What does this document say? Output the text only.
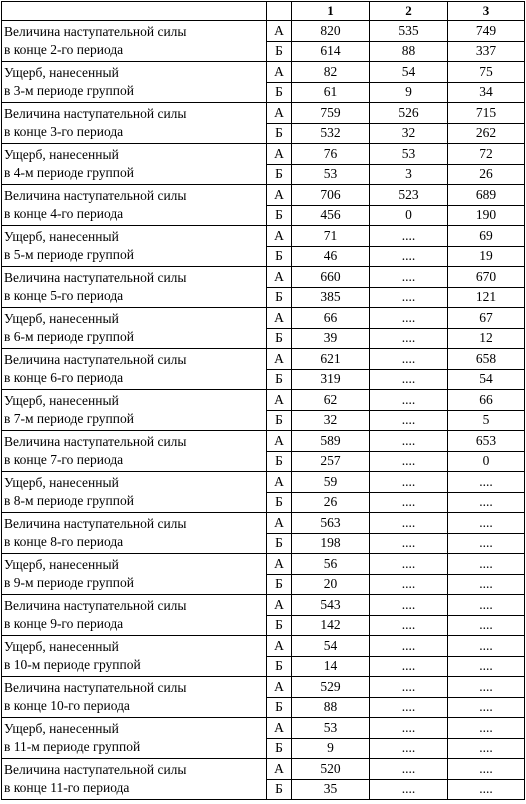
		1	2	3

Величина наступательной силы
в конце 2-го периода	А	820	535	749
	Б	614	88	337

Ущерб, нанесенный
в 3-м периоде группой	А	82	54	75
	Б	61	9	34

Величина наступательной силы
в конце 3-го периода	А	759	526	715
	Б	532	32	262

Ущерб, нанесенный
в 4-м периоде группой	А	76	53	72
	Б	53	3	26

Величина наступательной силы
в конце 4-го периода	А	706	523	689
	Б	456	0	190

Ущерб, нанесенный
в 5-м периоде группой	А	71	....	69
	Б	46	....	19

Величина наступательной силы
в конце 5-го периода	А	660	....	670
	Б	385	....	121

Ущерб, нанесенный
в 6-м периоде группой	А	66	....	67
	Б	39	....	12

Величина наступательной силы
в конце 6-го периода	А	621	....	658
	Б	319	....	54

Ущерб, нанесенный
в 7-м периоде группой	А	62	....	66
	Б	32	....	5

Величина наступательной силы
в конце 7-го периода	А	589	....	653
	Б	257	....	0

Ущерб, нанесенный
в 8-м периоде группой	А	59	....	....
	Б	26	....	....

Величина наступательной силы
в конце 8-го периода	А	563	....	....
	Б	198	....	....

Ущерб, нанесенный
в 9-м периоде группой	А	56	....	....
	Б	20	....	....

Величина наступательной силы
в конце 9-го периода	А	543	....	....
	Б	142	....	....

Ущерб, нанесенный
в 10-м периоде группой	А	54	....	....
	Б	14	....	....

Величина наступательной силы
в конце 10-го периода	А	529	....	....
	Б	88	....	....

Ущерб, нанесенный
в 11-м периоде группой	А	53	....	....
	Б	9	....	....

Величина наступательной силы
в конце 11-го периода	А	520	....	....
	Б	35	....	....
